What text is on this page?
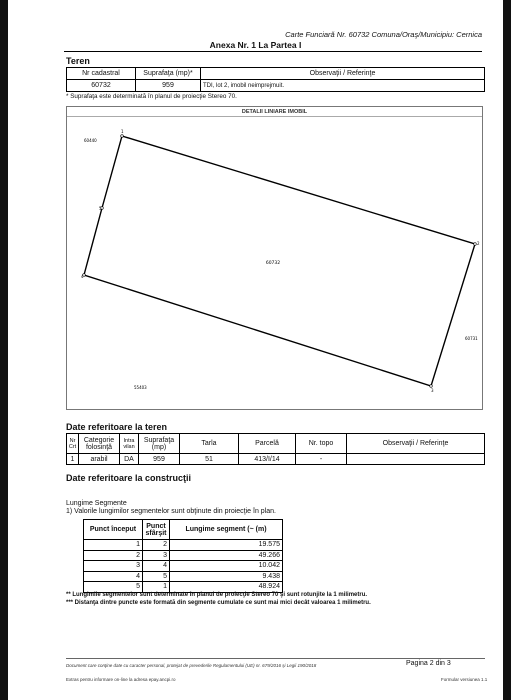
Carte Funciară Nr. 60732 Comuna/Oraş/Municipiu: Cernica
Anexa Nr. 1 La Partea I
Teren
Nr cadastral	Suprafaţa (mp)*	Observaţii / Referinţe
60732	959	TDI, lot 2, imobil neimprejmuit.
* Suprafaţa este determinată în planul de proiecţie Stereo 70.
DETALII LINIARE IMOBIL
1
2
3
4
5
60732
60440
60731
55403
Date referitoare la teren
Nr Crt	Categorie folosinţă	Intra vilan	Suprafaţa (mp)	Tarla	Parcelă	Nr. topo	Observaţii / Referinţe
1	arabil	DA	959	51	413/I/14	-	
Date referitoare la construcţii
Lungime Segmente
1) Valorile lungimilor segmentelor sunt obţinute din proiecţie în plan.
Punct început	Punct sfârşit	Lungime segment (~ (m)
1	2	19.575
2	3	49.266
3	4	10.042
4	5	9.438
5	1	48.924
** Lungimile segmentelor sunt determinate în planul de proiecţie Stereo 70 şi sunt rotunjite la 1 milimetru.
*** Distanţa dintre puncte este formată din segmente cumulate ce sunt mai mici decât valoarea 1 milimetru.
Document care conţine date cu caracter personal, protejat de prevederile Regulamentului (UE) nr. 679/2016 şi Legii 190/2018	Pagina 2 din 3
Extras pentru informare on-line la adresa epay.ancpi.ro	Formular versiunea 1.1
